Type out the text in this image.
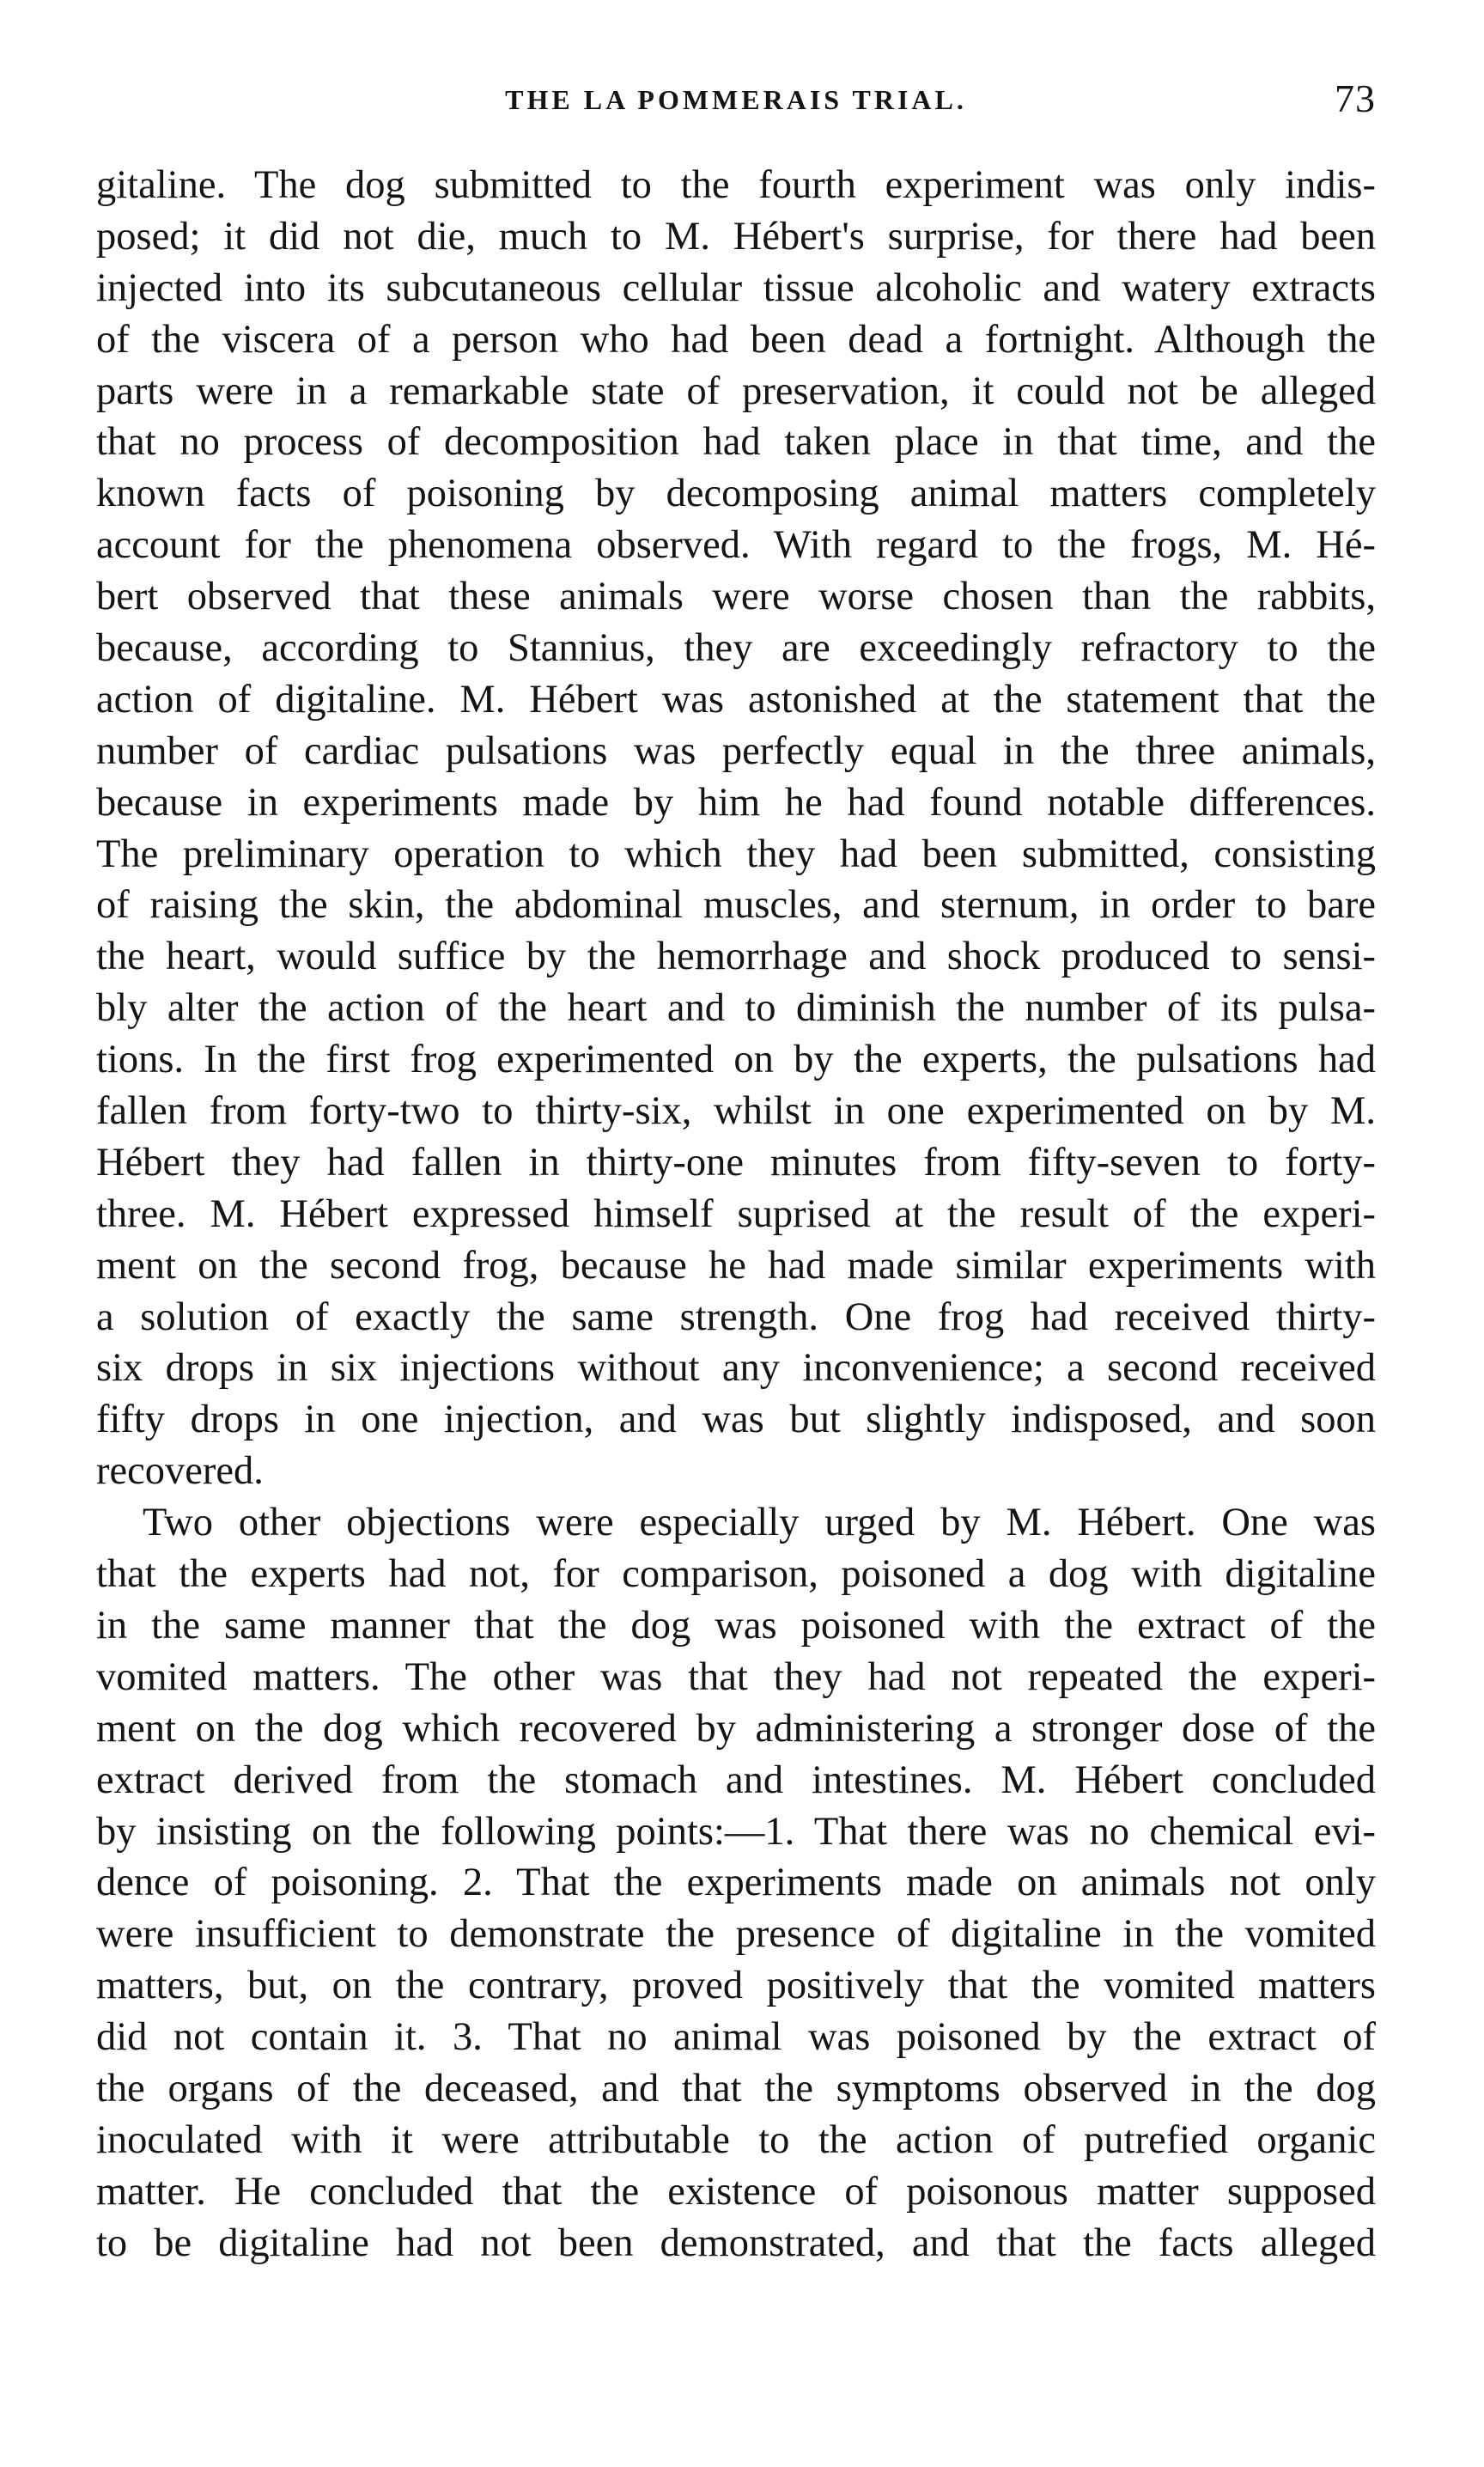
THE LA POMMERAIS TRIAL.	73
gitaline. The dog submitted to the fourth experiment was only indis-
posed; it did not die, much to M. Hébert's surprise, for there had been
injected into its subcutaneous cellular tissue alcoholic and watery extracts
of the viscera of a person who had been dead a fortnight. Although the
parts were in a remarkable state of preservation, it could not be alleged
that no process of decomposition had taken place in that time, and the
known facts of poisoning by decomposing animal matters completely
account for the phenomena observed. With regard to the frogs, M. Hé-
bert observed that these animals were worse chosen than the rabbits,
because, according to Stannius, they are exceedingly refractory to the
action of digitaline. M. Hébert was astonished at the statement that the
number of cardiac pulsations was perfectly equal in the three animals,
because in experiments made by him he had found notable differences.
The preliminary operation to which they had been submitted, consisting
of raising the skin, the abdominal muscles, and sternum, in order to bare
the heart, would suffice by the hemorrhage and shock produced to sensi-
bly alter the action of the heart and to diminish the number of its pulsa-
tions. In the first frog experimented on by the experts, the pulsations had
fallen from forty-two to thirty-six, whilst in one experimented on by M.
Hébert they had fallen in thirty-one minutes from fifty-seven to forty-
three. M. Hébert expressed himself suprised at the result of the experi-
ment on the second frog, because he had made similar experiments with
a solution of exactly the same strength. One frog had received thirty-
six drops in six injections without any inconvenience; a second received
fifty drops in one injection, and was but slightly indisposed, and soon
recovered.
Two other objections were especially urged by M. Hébert. One was
that the experts had not, for comparison, poisoned a dog with digitaline
in the same manner that the dog was poisoned with the extract of the
vomited matters. The other was that they had not repeated the experi-
ment on the dog which recovered by administering a stronger dose of the
extract derived from the stomach and intestines. M. Hébert concluded
by insisting on the following points:—1. That there was no chemical evi-
dence of poisoning. 2. That the experiments made on animals not only
were insufficient to demonstrate the presence of digitaline in the vomited
matters, but, on the contrary, proved positively that the vomited matters
did not contain it. 3. That no animal was poisoned by the extract of
the organs of the deceased, and that the symptoms observed in the dog
inoculated with it were attributable to the action of putrefied organic
matter. He concluded that the existence of poisonous matter supposed
to be digitaline had not been demonstrated, and that the facts alleged
